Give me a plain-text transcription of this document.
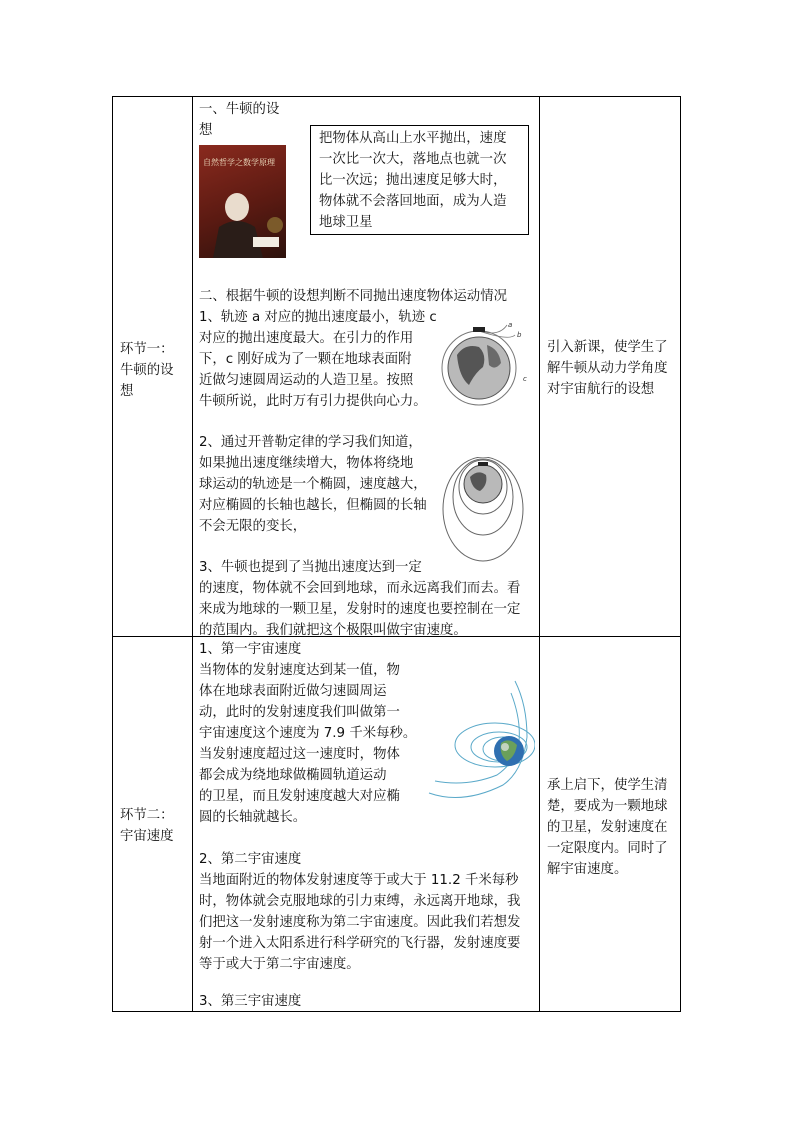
环节一：
牛顿的设
想
一、牛顿的设
想
自然哲学之数学原理
把物体从高山上水平抛出，速度
一次比一次大，落地点也就一次
比一次远；抛出速度足够大时，
物体就不会落回地面，成为人造
地球卫星
二、根据牛顿的设想判断不同抛出速度物体运动情况
1、轨迹 a 对应的抛出速度最小，轨迹 c
对应的抛出速度最大。在引力的作用
下，c 刚好成为了一颗在地球表面附
近做匀速圆周运动的人造卫星。按照
牛顿所说，此时万有引力提供向心力。
a
b
c
2、通过开普勒定律的学习我们知道，
如果抛出速度继续增大，物体将绕地
球运动的轨迹是一个椭圆，速度越大，
对应椭圆的长轴也越长，但椭圆的长轴
不会无限的变长，
3、牛顿也提到了当抛出速度达到一定
的速度，物体就不会回到地球，而永远离我们而去。看
来成为地球的一颗卫星，发射时的速度也要控制在一定
的范围内。我们就把这个极限叫做宇宙速度。
引入新课，使学生了
解牛顿从动力学角度
对宇宙航行的设想
环节二：
宇宙速度
1、第一宇宙速度
当物体的发射速度达到某一值，物
体在地球表面附近做匀速圆周运
动，此时的发射速度我们叫做第一
宇宙速度这个速度为 7.9 千米每秒。
当发射速度超过这一速度时，物体
都会成为绕地球做椭圆轨道运动
的卫星，而且发射速度越大对应椭
圆的长轴就越长。
2、第二宇宙速度
当地面附近的物体发射速度等于或大于 11.2 千米每秒
时，物体就会克服地球的引力束缚，永远离开地球，我
们把这一发射速度称为第二宇宙速度。因此我们若想发
射一个进入太阳系进行科学研究的飞行器，发射速度要
等于或大于第二宇宙速度。
3、第三宇宙速度
承上启下，使学生清
楚，要成为一颗地球
的卫星，发射速度在
一定限度内。同时了
解宇宙速度。
